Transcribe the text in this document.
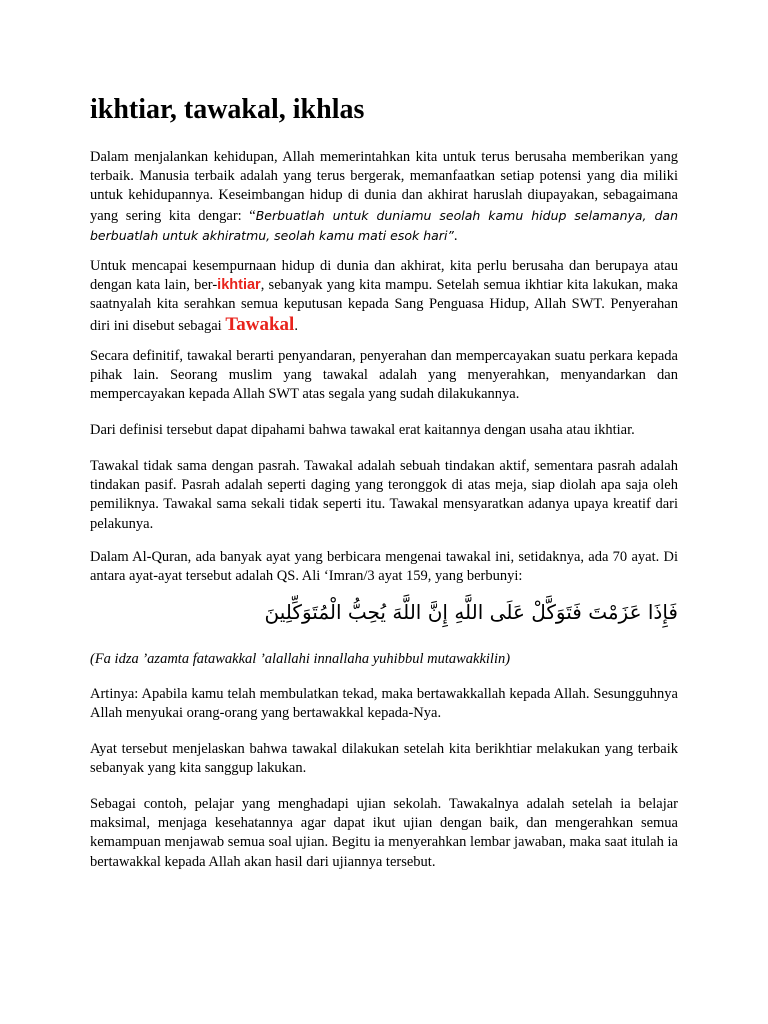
ikhtiar, tawakal, ikhlas

Dalam menjalankan kehidupan, Allah memerintahkan kita untuk terus berusaha memberikan yang terbaik. Manusia terbaik adalah yang terus bergerak, memanfaatkan setiap potensi yang dia miliki untuk kehidupannya. Keseimbangan hidup di dunia dan akhirat haruslah diupayakan, sebagaimana yang sering kita dengar: “Berbuatlah untuk duniamu seolah kamu hidup selamanya, dan berbuatlah untuk akhiratmu, seolah kamu mati esok hari”.

Untuk mencapai kesempurnaan hidup di dunia dan akhirat, kita perlu berusaha dan berupaya atau dengan kata lain, ber-ikhtiar, sebanyak yang kita mampu. Setelah semua ikhtiar kita lakukan, maka saatnyalah kita serahkan semua keputusan kepada Sang Penguasa Hidup, Allah SWT. Penyerahan diri ini disebut sebagai Tawakal.

Secara definitif, tawakal berarti penyandaran, penyerahan dan mempercayakan suatu perkara kepada pihak lain. Seorang muslim yang tawakal adalah yang menyerahkan, menyandarkan dan mempercayakan kepada Allah SWT atas segala yang sudah dilakukannya.

Dari definisi tersebut dapat dipahami bahwa tawakal erat kaitannya dengan usaha atau ikhtiar.

Tawakal tidak sama dengan pasrah. Tawakal adalah sebuah tindakan aktif, sementara pasrah adalah tindakan pasif. Pasrah adalah seperti daging yang teronggok di atas meja, siap diolah apa saja oleh pemiliknya. Tawakal sama sekali tidak seperti itu. Tawakal mensyaratkan adanya upaya kreatif dari pelakunya.

Dalam Al-Quran, ada banyak ayat yang berbicara mengenai tawakal ini, setidaknya, ada 70 ayat. Di antara ayat-ayat tersebut adalah QS. Ali ‘Imran/3 ayat 159, yang berbunyi:

فَإِذَا عَزَمْتَ فَتَوَكَّلْ عَلَى اللَّهِ إِنَّ اللَّهَ يُحِبُّ الْمُتَوَكِّلِينَ
(Fa idza ’azamta fatawakkal ’alallahi innallaha yuhibbul mutawakkilin)

Artinya: Apabila kamu telah membulatkan tekad, maka bertawakkallah kepada Allah. Sesungguhnya Allah menyukai orang-orang yang bertawakkal kepada-Nya.

Ayat tersebut menjelaskan bahwa tawakal dilakukan setelah kita berikhtiar melakukan yang terbaik sebanyak yang kita sanggup lakukan.

Sebagai contoh, pelajar yang menghadapi ujian sekolah. Tawakalnya adalah setelah ia belajar maksimal, menjaga kesehatannya agar dapat ikut ujian dengan baik, dan mengerahkan semua kemampuan menjawab semua soal ujian. Begitu ia menyerahkan lembar jawaban, maka saat itulah ia bertawakkal kepada Allah akan hasil dari ujiannya tersebut.
